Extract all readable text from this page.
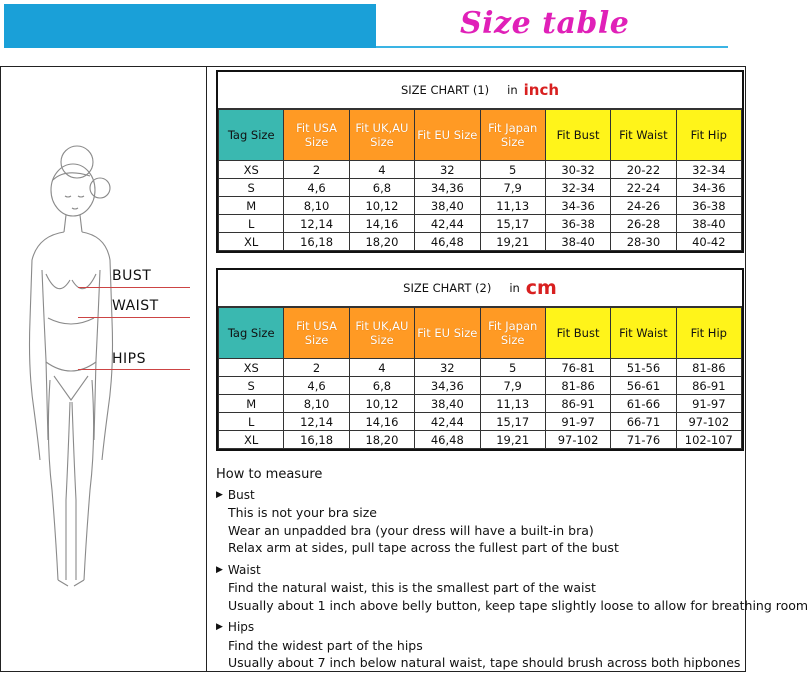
Size table
BUST
WAIST
HIPS
SIZE CHART (1) in inch
Tag Size	Fit USA Size	Fit UK,AU Size	Fit EU Size	Fit Japan Size	Fit Bust	Fit Waist	Fit Hip
XS	2	4	32	5	30-32	20-22	32-34
S	4,6	6,8	34,36	7,9	32-34	22-24	34-36
M	8,10	10,12	38,40	11,13	34-36	24-26	36-38
L	12,14	14,16	42,44	15,17	36-38	26-28	38-40
XL	16,18	18,20	46,48	19,21	38-40	28-30	40-42
SIZE CHART (2) in cm
Tag Size	Fit USA Size	Fit UK,AU Size	Fit EU Size	Fit Japan Size	Fit Bust	Fit Waist	Fit Hip
XS	2	4	32	5	76-81	51-56	81-86
S	4,6	6,8	34,36	7,9	81-86	56-61	86-91
M	8,10	10,12	38,40	11,13	86-91	61-66	91-97
L	12,14	14,16	42,44	15,17	91-97	66-71	97-102
XL	16,18	18,20	46,48	19,21	97-102	71-76	102-107
How to measure
▶ Bust
This is not your bra size
Wear an unpadded bra (your dress will have a built-in bra)
Relax arm at sides, pull tape across the fullest part of the bust
▶ Waist
Find the natural waist, this is the smallest part of the waist
Usually about 1 inch above belly button, keep tape slightly loose to allow for breathing room
▶ Hips
Find the widest part of the hips
Usually about 7 inch below natural waist, tape should brush across both hipbones
